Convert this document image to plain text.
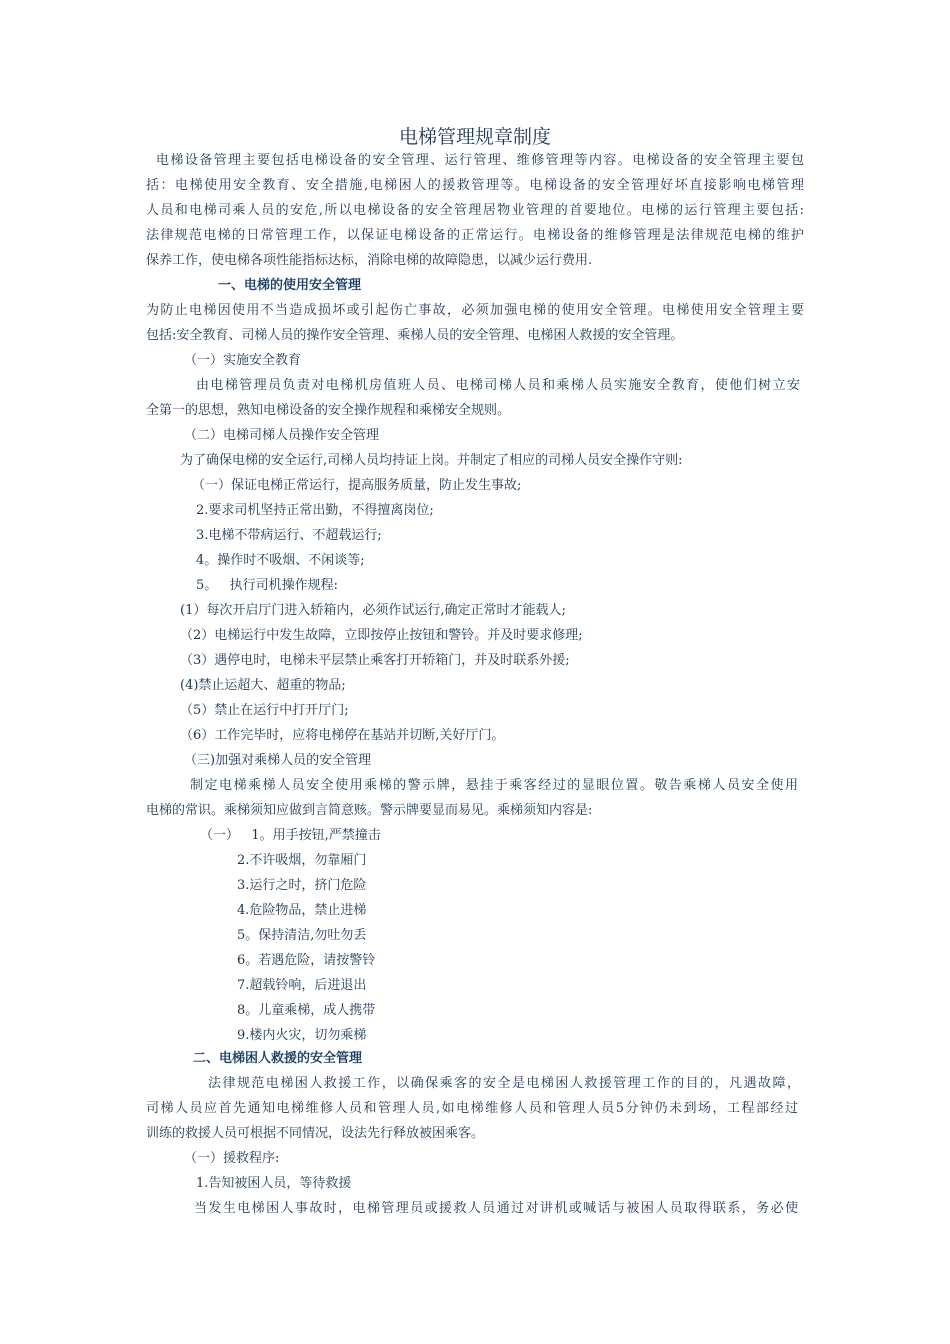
电梯管理规章制度
电梯设备管理主要包括电梯设备的安全管理、运行管理、维修管理等内容。电梯设备的安全管理主要包
括：电梯使用安全教育、安全措施,电梯困人的援救管理等。电梯设备的安全管理好坏直接影响电梯管理
人员和电梯司乘人员的安危,所以电梯设备的安全管理居物业管理的首要地位。电梯的运行管理主要包括:
法律规范电梯的日常管理工作，以保证电梯设备的正常运行。电梯设备的维修管理是法律规范电梯的维护
保养工作，使电梯各项性能指标达标，消除电梯的故障隐患，以减少运行费用.
一、电梯的使用安全管理
为防止电梯因使用不当造成损坏或引起伤亡事故，必须加强电梯的使用安全管理。电梯使用安全管理主要
包括:安全教育、司梯人员的操作安全管理、乘梯人员的安全管理、电梯困人救援的安全管理。
（一）实施安全教育
由电梯管理员负责对电梯机房值班人员、电梯司梯人员和乘梯人员实施安全教育，使他们树立安
全第一的思想，熟知电梯设备的安全操作规程和乘梯安全规则。
（二）电梯司梯人员操作安全管理
为了确保电梯的安全运行,司梯人员均持证上岗。并制定了相应的司梯人员安全操作守则:
（一）保证电梯正常运行，提高服务质量，防止发生事故;
2.要求司机坚持正常出勤，不得擅离岗位;
3.电梯不带病运行、不超载运行;
4。操作时不吸烟、不闲谈等;
5。   执行司机操作规程:
(1）每次开启厅门进入轿箱内，必须作试运行,确定正常时才能载人;
（2）电梯运行中发生故障，立即按停止按钮和警铃。并及时要求修理;
（3）遇停电时，电梯未平层禁止乘客打开轿箱门，并及时联系外援;
(4)禁止运超大、超重的物品;
（5）禁止在运行中打开厅门;
（6）工作完毕时，应将电梯停在基站并切断,关好厅门。
（三)加强对乘梯人员的安全管理
制定电梯乘梯人员安全使用乘梯的警示牌，悬挂于乘客经过的显眼位置。敬告乘梯人员安全使用
电梯的常识。乘梯须知应做到言简意赅。警示牌要显而易见。乘梯须知内容是:
（一）   1。用手按钮,严禁撞击
2.不许吸烟，勿靠厢门
3.运行之时，挤门危险
4.危险物品，禁止进梯
5。保持清洁,勿吐勿丢
6。若遇危险，请按警铃
7.超载铃响，后进退出
8。儿童乘梯，成人携带
9.楼内火灾，切勿乘梯
二、电梯困人救援的安全管理
法律规范电梯困人救援工作，以确保乘客的安全是电梯困人救援管理工作的目的，凡遇故障，
司梯人员应首先通知电梯维修人员和管理人员,如电梯维修人员和管理人员5分钟仍未到场，工程部经过
训练的救援人员可根据不同情况，设法先行释放被困乘客。
（一）援救程序:
1.告知被困人员，等待救援
当发生电梯困人事故时，电梯管理员或援救人员通过对讲机或喊话与被困人员取得联系，务必使
